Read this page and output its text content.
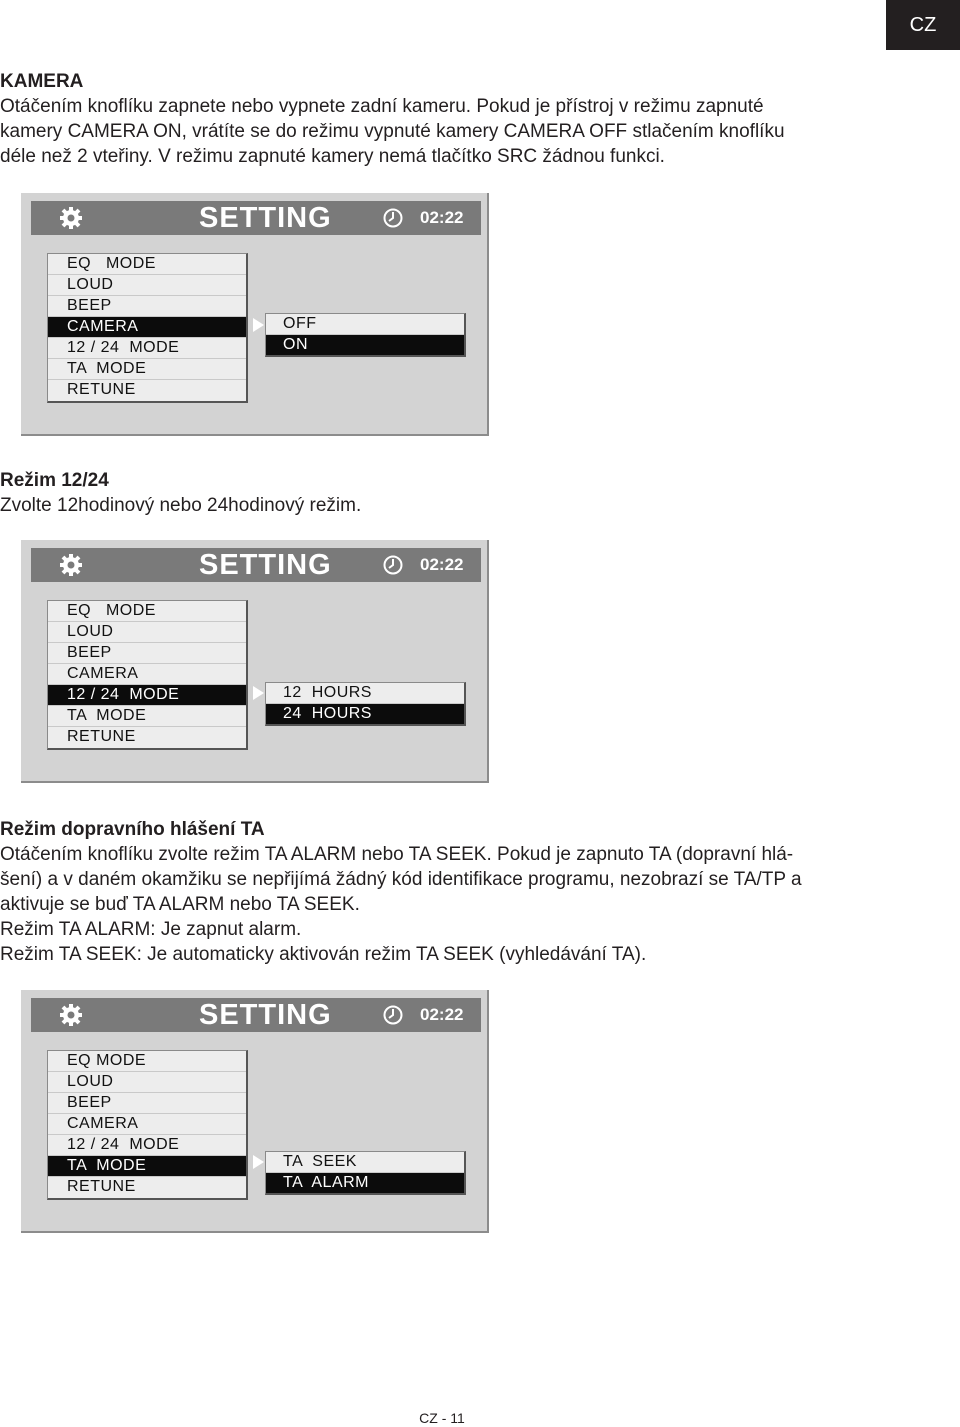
CZ
KAMERA

Otáčením knoflíku zapnete nebo vypnete zadní kameru. Pokud je přístroj v režimu zapnuté

kamery CAMERA ON, vrátíte se do režimu vypnuté kamery CAMERA OFF stlačením knoflíku

déle než 2 vteřiny. V režimu zapnuté kamery nemá tlačítko SRC žádnou funkci.

SETTING	02:22
EQ   MODE
LOUD
BEEP
CAMERA
12 / 24  MODE
TA  MODE
RETUNE
OFF
ON
Režim 12/24

Zvolte 12hodinový nebo 24hodinový režim.

SETTING	02:22
EQ   MODE
LOUD
BEEP
CAMERA
12 / 24  MODE
TA  MODE
RETUNE
12  HOURS
24  HOURS
Režim dopravního hlášení TA

Otáčením knoflíku zvolte režim TA ALARM nebo TA SEEK. Pokud je zapnuto TA (dopravní hlá-

šení) a v daném okamžiku se nepřijímá žádný kód identifikace programu, nezobrazí se TA/TP a

aktivuje se buď TA ALARM nebo TA SEEK.

Režim TA ALARM: Je zapnut alarm.

Režim TA SEEK: Je automaticky aktivován režim TA SEEK (vyhledávání TA).

SETTING	02:22
EQ MODE
LOUD
BEEP
CAMERA
12 / 24  MODE
TA  MODE
RETUNE
TA  SEEK
TA  ALARM
CZ - 11
